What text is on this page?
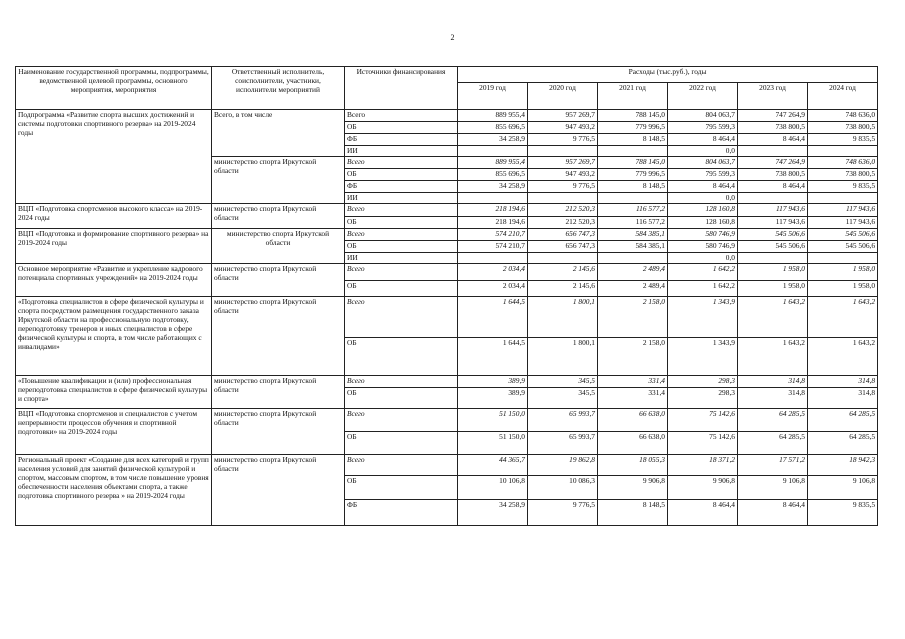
2
Наименование государственной программы, подпрограммы, ведомственной целевой программы, основного мероприятия, мероприятия	Ответственный исполнитель, соисполнители, участники, исполнители мероприятий	Источники финансирования	Расходы (тыс.руб.), годы					
			2019 год	2020 год	2021 год	2022 год	2023 год	2024 год
Подпрограмма «Развитие спорта высших достижений и системы подготовки спортивного резерва» на 2019-2024 годы	Всего, в том числе	Всего	889 955,4	957 269,7	788 145,0	804 063,7	747 264,9	748 636,0
		ОБ	855 696,5	947 493,2	779 996,5	795 599,3	738 800,5	738 800,5
		ФБ	34 258,9	9 776,5	8 148,5	8 464,4	8 464,4	9 835,5
		ИИ				0,0		
	министерство спорта Иркутской области	Всего	889 955,4	957 269,7	788 145,0	804 063,7	747 264,9	748 636,0
		ОБ	855 696,5	947 493,2	779 996,5	795 599,3	738 800,5	738 800,5
		ФБ	34 258,9	9 776,5	8 148,5	8 464,4	8 464,4	9 835,5
		ИИ				0,0		
ВЦП «Подготовка спортсменов высокого класса» на 2019-2024 годы	министерство спорта Иркутской области	Всего	218 194,6	212 520,3	116 577,2	128 160,8	117 943,6	117 943,6
		ОБ	218 194,6	212 520,3	116 577,2	128 160,8	117 943,6	117 943,6
ВЦП «Подготовка и формирование спортивного резерва» на 2019-2024 годы	министерство спорта Иркутской области	Всего	574 210,7	656 747,3	584 385,1	580 746,9	545 506,6	545 506,6
		ОБ	574 210,7	656 747,3	584 385,1	580 746,9	545 506,6	545 506,6
		ИИ				0,0		
Основное мероприятие «Развитие и укрепление кадрового потенциала спортивных учреждений» на 2019-2024 годы	министерство спорта Иркутской области	Всего	2 034,4	2 145,6	2 489,4	1 642,2	1 958,0	1 958,0
		ОБ	2 034,4	2 145,6	2 489,4	1 642,2	1 958,0	1 958,0
«Подготовка специалистов в сфере физической культуры и спорта посредством размещения государственного заказа Иркутской области на профессиональную подготовку, переподготовку тренеров и иных специалистов в сфере физической культуры и спорта, в том числе работающих с инвалидами»	министерство спорта Иркутской области	Всего	1 644,5	1 800,1	2 158,0	1 343,9	1 643,2	1 643,2
		ОБ	1 644,5	1 800,1	2 158,0	1 343,9	1 643,2	1 643,2
«Повышение квалификации и (или) профессиональная переподготовка специалистов в сфере физической культуры и спорта»	министерство спорта Иркутской области	Всего	389,9	345,5	331,4	298,3	314,8	314,8
		ОБ	389,9	345,5	331,4	298,3	314,8	314,8
ВЦП «Подготовка спортсменов и специалистов с учетом непрерывности процессов обучения и спортивной подготовки» на 2019-2024 годы	министерство спорта Иркутской области	Всего	51 150,0	65 993,7	66 638,0	75 142,6	64 285,5	64 285,5
		ОБ	51 150,0	65 993,7	66 638,0	75 142,6	64 285,5	64 285,5
Региональный проект «Создание для всех категорий и групп населения условий для занятий физической культурой и спортом, массовым спортом, в том числе повышение уровня обеспеченности населения объектами спорта, а также подготовка спортивного резерва » на 2019-2024 годы	министерство спорта Иркутской области	Всего	44 365,7	19 862,8	18 055,3	18 371,2	17 571,2	18 942,3
		ОБ	10 106,8	10 086,3	9 906,8	9 906,8	9 106,8	9 106,8
		ФБ	34 258,9	9 776,5	8 148,5	8 464,4	8 464,4	9 835,5
